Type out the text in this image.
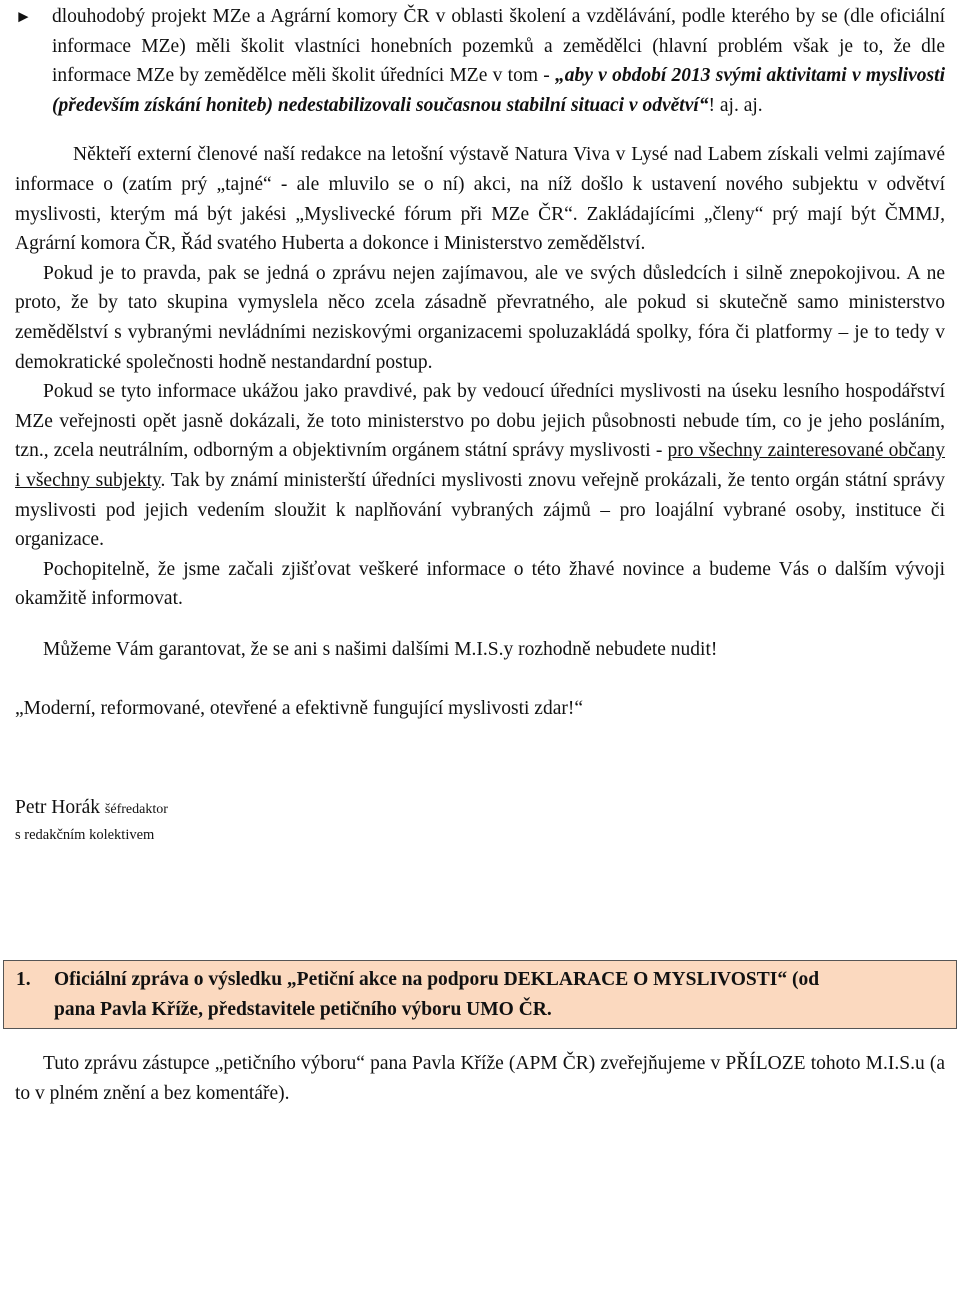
► dlouhodobý projekt MZe a Agrární komory ČR v oblasti školení a vzdělávání, podle kterého by se (dle oficiální informace MZe) měli školit vlastníci honebních pozemků a zemědělci (hlavní problém však je to, že dle informace MZe by zemědělce měli školit úředníci MZe v tom - „aby v období 2013 svými aktivitami v myslivosti (především získání honiteb) nedestabilizovali současnou stabilní situaci v odvětví“! aj. aj.

Někteří externí členové naší redakce na letošní výstavě Natura Viva v Lysé nad Labem získali velmi zajímavé informace o (zatím prý „tajné“ - ale mluvilo se o ní) akci, na níž došlo k ustavení nového subjektu v odvětví myslivosti, kterým má být jakési „Myslivecké fórum při MZe ČR“. Zakládajícími „členy“ prý mají být ČMMJ, Agrární komora ČR, Řád svatého Huberta a dokonce i Ministerstvo zemědělství.

Pokud je to pravda, pak se jedná o zprávu nejen zajímavou, ale ve svých důsledcích i silně znepokojivou. A ne proto, že by tato skupina vymyslela něco zcela zásadně převratného, ale pokud si skutečně samo ministerstvo zemědělství s vybranými nevládními neziskovými organizacemi spoluzakládá spolky, fóra či platformy – je to tedy v demokratické společnosti hodně nestandardní postup.

Pokud se tyto informace ukážou jako pravdivé, pak by vedoucí úředníci myslivosti na úseku lesního hospodářství MZe veřejnosti opět jasně dokázali, že toto ministerstvo po dobu jejich působnosti nebude tím, co je jeho posláním, tzn., zcela neutrálním, odborným a objektivním orgánem státní správy myslivosti - pro všechny zainteresované občany i všechny subjekty. Tak by známí ministerští úředníci myslivosti znovu veřejně prokázali, že tento orgán státní správy myslivosti pod jejich vedením sloužit k naplňování vybraných zájmů – pro loajální vybrané osoby, instituce či organizace.

Pochopitelně, že jsme začali zjišťovat veškeré informace o této žhavé novince a budeme Vás o dalším vývoji okamžitě informovat.

Můžeme Vám garantovat, že se ani s našimi dalšími M.I.S.y rozhodně nebudete nudit!

„Moderní, reformované, otevřené a efektivně fungující myslivosti zdar!“

Petr Horák šéfredaktor
s redakčním kolektivem
1. Oficiální zpráva o výsledku „Petiční akce na podporu DEKLARACE O MYSLIVOSTI“ (od
pana Pavla Kříže, představitele petičního výboru UMO ČR.

Tuto zprávu zástupce „petičního výboru“ pana Pavla Kříže (APM ČR) zveřejňujeme v PŘÍLOZE tohoto M.I.S.u (a to v plném znění a bez komentáře).
